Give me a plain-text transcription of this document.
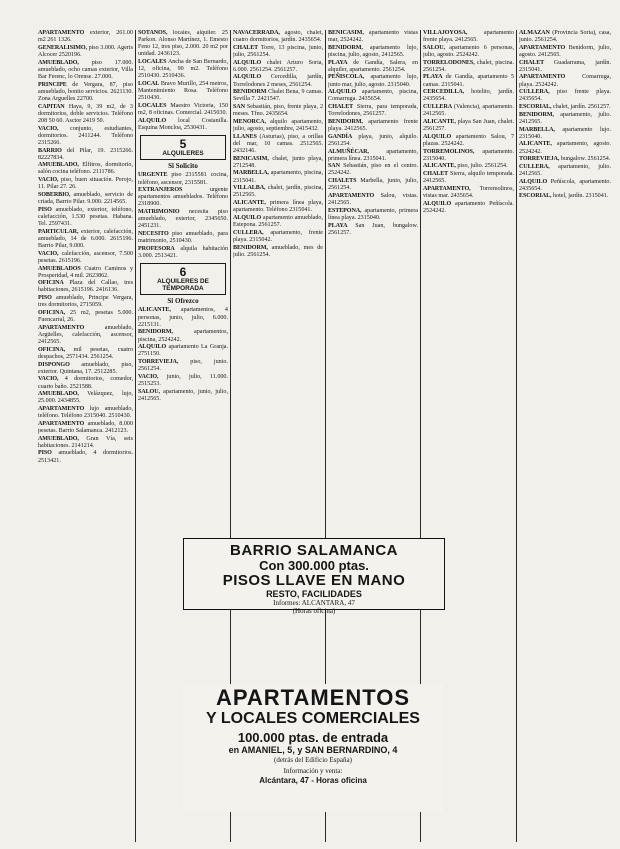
APARTAMENTO exterior, 261.00 m2 261 1326.

GENERALISIMO, piso 3.000. Ageris Alcocer 2520196.

AMUEBLADO, piso 17.000. amueblado, ocho camas exterior, Villa Bar Ferenc, lo Orense. 27.000.

PRINCIPE de Vergara, 87, piso amueblado, bonito servicios. 2621130. Zona Arguelles 22700.

CAPITAN Haya, 9, 39 m2, de 3 dormitorios, doble servicios. Teléfono 208 50 60. Asctor 2419 50.

VACIO, conjunto, estudiantes, dormitorios. 2411244. Teléfono 2315266.

BARRIO del Pilar, 19. 2315266. 82227834.

AMUEBLADO, Elfitros, dormitorio, salón cocina teléfono. 2111786.

VACIO, piso, buen situación. Perojo, 11. Pilar 27. 26.

SOBERBIO, amueblado, servicio de criada, Barrio Pilar. 9.000. 2214565.

PISO amueblado, exterior, teléfono, calefacción, 1.530 pesetas. Habana. Tel. 2597431.

PARTICULAR, exterior, calefacción, amueblado, 14 de 6.000. 2615196. Barrio Pilar, 9.000.

VACIO, calefacción, ascensor, 7.500 pesetas. 2615196.

AMUEBLADOS Cuatro Caminos y Prosperidad, 4 mil. 2623862.

OFICINA Plaza del Callao, tres habitaciones, 2615196. 2416136.

PISO amueblado, Principe Vergara, tres dormitorios, 2715059.

OFICINA, 25 m2, pesetas 5.000. Fuencarral, 26.

APARTAMENTO	amueblado, Argüelles, calefacción, ascensor, 2412565.

OFICINA, mil pesetas, cuatro despachos, 2571434. 2561254.

DISPONGO amueblado, piso, exterior. Quintana, 17. 2512285.

VACIO, 4 dormitorios, comedor, cuarto baño. 2521588.

AMUEBLADO, Velázquez, lujo, 25.000. 2434855.

APARTAMENTO lujo amueblado, teléfono. Teléfono 2315040. 2510430.

APARTAMENTO amueblado, 8.000 pesetas. Barrio Salamanca. 2412123.

AMUEBLADO, Gran Vía, seis habitaciones. 2141214.

PISO amueblado, 4 dormitorios. 2513421.

SÓTANOS, locales, alquiler. 25 Parkon. Alonso Martínez, 1. Emesto Feno 12, tres piso, 2.000. 20 m2 por unidad. 2436123.

LOCALES Ancha de San Bernardo, 12, oficina, 90 m2. Teléfono 2510430. 2510436.

LOCAL Bravo Murillo, 254 metros, Mantenimiento Rosa. Teléfono 2510430.

LOCALES Maestro Victoria, 150 m2, 8 oficinas. Comercial. 2415030.

ALQUILO local Costanilla. Esquina Moncloa, 2530431.

5
ALQUILERES
Si Solicito

URGENTE piso 2315581 cocina, teléfono, ascensor, 2315581.

EXTRANJEROS	urgente apartamentos amueblados. Teléfono 2318900.

MATRIMONIO necesita piso amueblado, exterior, 2345650. 2451231.

NECESITO piso amueblado, para matrimonio, 2510430.

PROFESORA alquila habitación 3.000. 2513421.

6
ALQUILERES DE TEMPORADA
Si Ofrezco

ALICANTE, apartamentos, 4 personas, junio, julio, 6.000. 2215131.

BENIDORM,	apartamentos, piscina, 2524242.

ALQUILO apartamento La Granja. 2751150.

TORREVIEJA, piso, junio. 2561254.

VACIO, junio, julio, 11.000. 2515253.

SALOU, apartamento, junio, julio, 2412565.

NAVACERRADA, agosto, chalet, cuatro dormitorios, jardín. 2435654.

CHALET Torre, 13 piscina, junio, julio, 2561254.

ALQUILO chalet Arturo Soria, 6.000. 2561254. 2561257.

ALQUILO Cercedilla, jardín, Torrelodones 2 meses, 2561254.

BENIDORM Chalet Bena, 9 camas. Sevilla 7. 2421547.

SAN Sebastián, piso, frente playa, 2 meses. Tfno. 2435654.

MENORCA, alquilo apartamento, julio, agosto, septiembre, 2415432.

LLANES (Asturias), piso, a orillas del mar, 10 camas. 2512565. 2432146.

BENICASIM, chalet, junto playa, 2712548.

MARBELLA, apartamento, piscina, 2315041.

VILLALBA, chalet, jardín, piscina, 2512565.

ALICANTE, primera línea playa, apartamento. Teléfono 2315041.

ALQUILO apartamento amueblado, Estepona. 2561257.

CULLERA, apartamento, frente playa. 2315042.

BENIDORM, amueblado, mes de julio. 2561254.

BENICASIM, apartamento vistas mar, 2524242.

BENIDORM, apartamento lujo, piscina, julio, agosto, 2412565.

PLAYA de Gandía, Salera, en alquiler, apartamento. 2561254.

PEÑISCOLA, apartamento lujo, junto mar, julio, agosto. 2315040.

ALQUILO apartamento, piscina, Comarruga. 2435654.

CHALET Sierra, para temporada, Torrelodones, 2561257.

BENIDORM, apartamento frente playa. 2412565.

GANDÍA playa, junio, alquilo. 2561254.

ALMUÑÉCAR,	apartamento, primera línea. 2315041.

SAN Sebastián, piso en el centro. 2524242.

CHALETS Marbella, junio, julio, 2561254.

APARTAMENTO Salou, vistas. 2412565.

ESTEPONA, apartamento, primera línea playa. 2315040.

PLAYA San Juan, bungalow. 2561257.

VILLAJOYOSA,	apartamento frente playa. 2412565.

SALOU, apartamento 6 personas, julio, agosto. 2524242.

TORRELODONES, chalet, piscina. 2561254.

PLAYA de Gandía, apartamento 5 camas. 2315041.

CERCEDILLA, hotelito, jardín. 2435654.

CULLERA (Valencia), apartamento. 2412565.

ALICANTE, playa San Juan, chalet. 2561257.

ALQUILO apartamento Salou, 7 plazas. 2524242.

TORREMOLINOS, apartamento. 2315040.

ALICANTE, piso, julio. 2561254.

CHALET Sierra, alquilo temporada. 2412565.

APARTAMENTO, Torremolinos, vistas mar. 2435654.

ALQUILO apartamento Peñíscola. 2524242.

ALMAZAN (Provincia Soria), casa, junio. 2561254.

APARTAMENTO Benidorm, julio, agosto. 2412565.

CHALET Guadarrama, jardín. 2315041.

APARTAMENTO	Comarruga, playa. 2524242.

CULLERA, piso frente playa. 2435654.

ESCORIAL, chalet, jardín. 2561257.

BENIDORM, apartamento, julio. 2412565.

MARBELLA, apartamento lujo. 2315040.

ALICANTE, apartamento, agosto. 2524242.

TORREVIEJA, bungalow. 2561254.

CULLERA, apartamento, julio. 2412565.

ALQUILO Peñíscola, apartamento. 2435654.

ESCORIAL, hotel, jardín. 2315041.

BARRIO SALAMANCA
Con 300.000 ptas.
PISOS LLAVE EN MANO
RESTO, FACILIDADES
Informes: ALCANTARA, 47
(Horas oficina)
APARTAMENTOS
Y LOCALES COMERCIALES
100.000 ptas. de entrada
en AMANIEL, 5, y SAN BERNARDINO, 4
(detrás del Edificio España)
Información y venta:
Alcántara, 47 - Horas oficina
